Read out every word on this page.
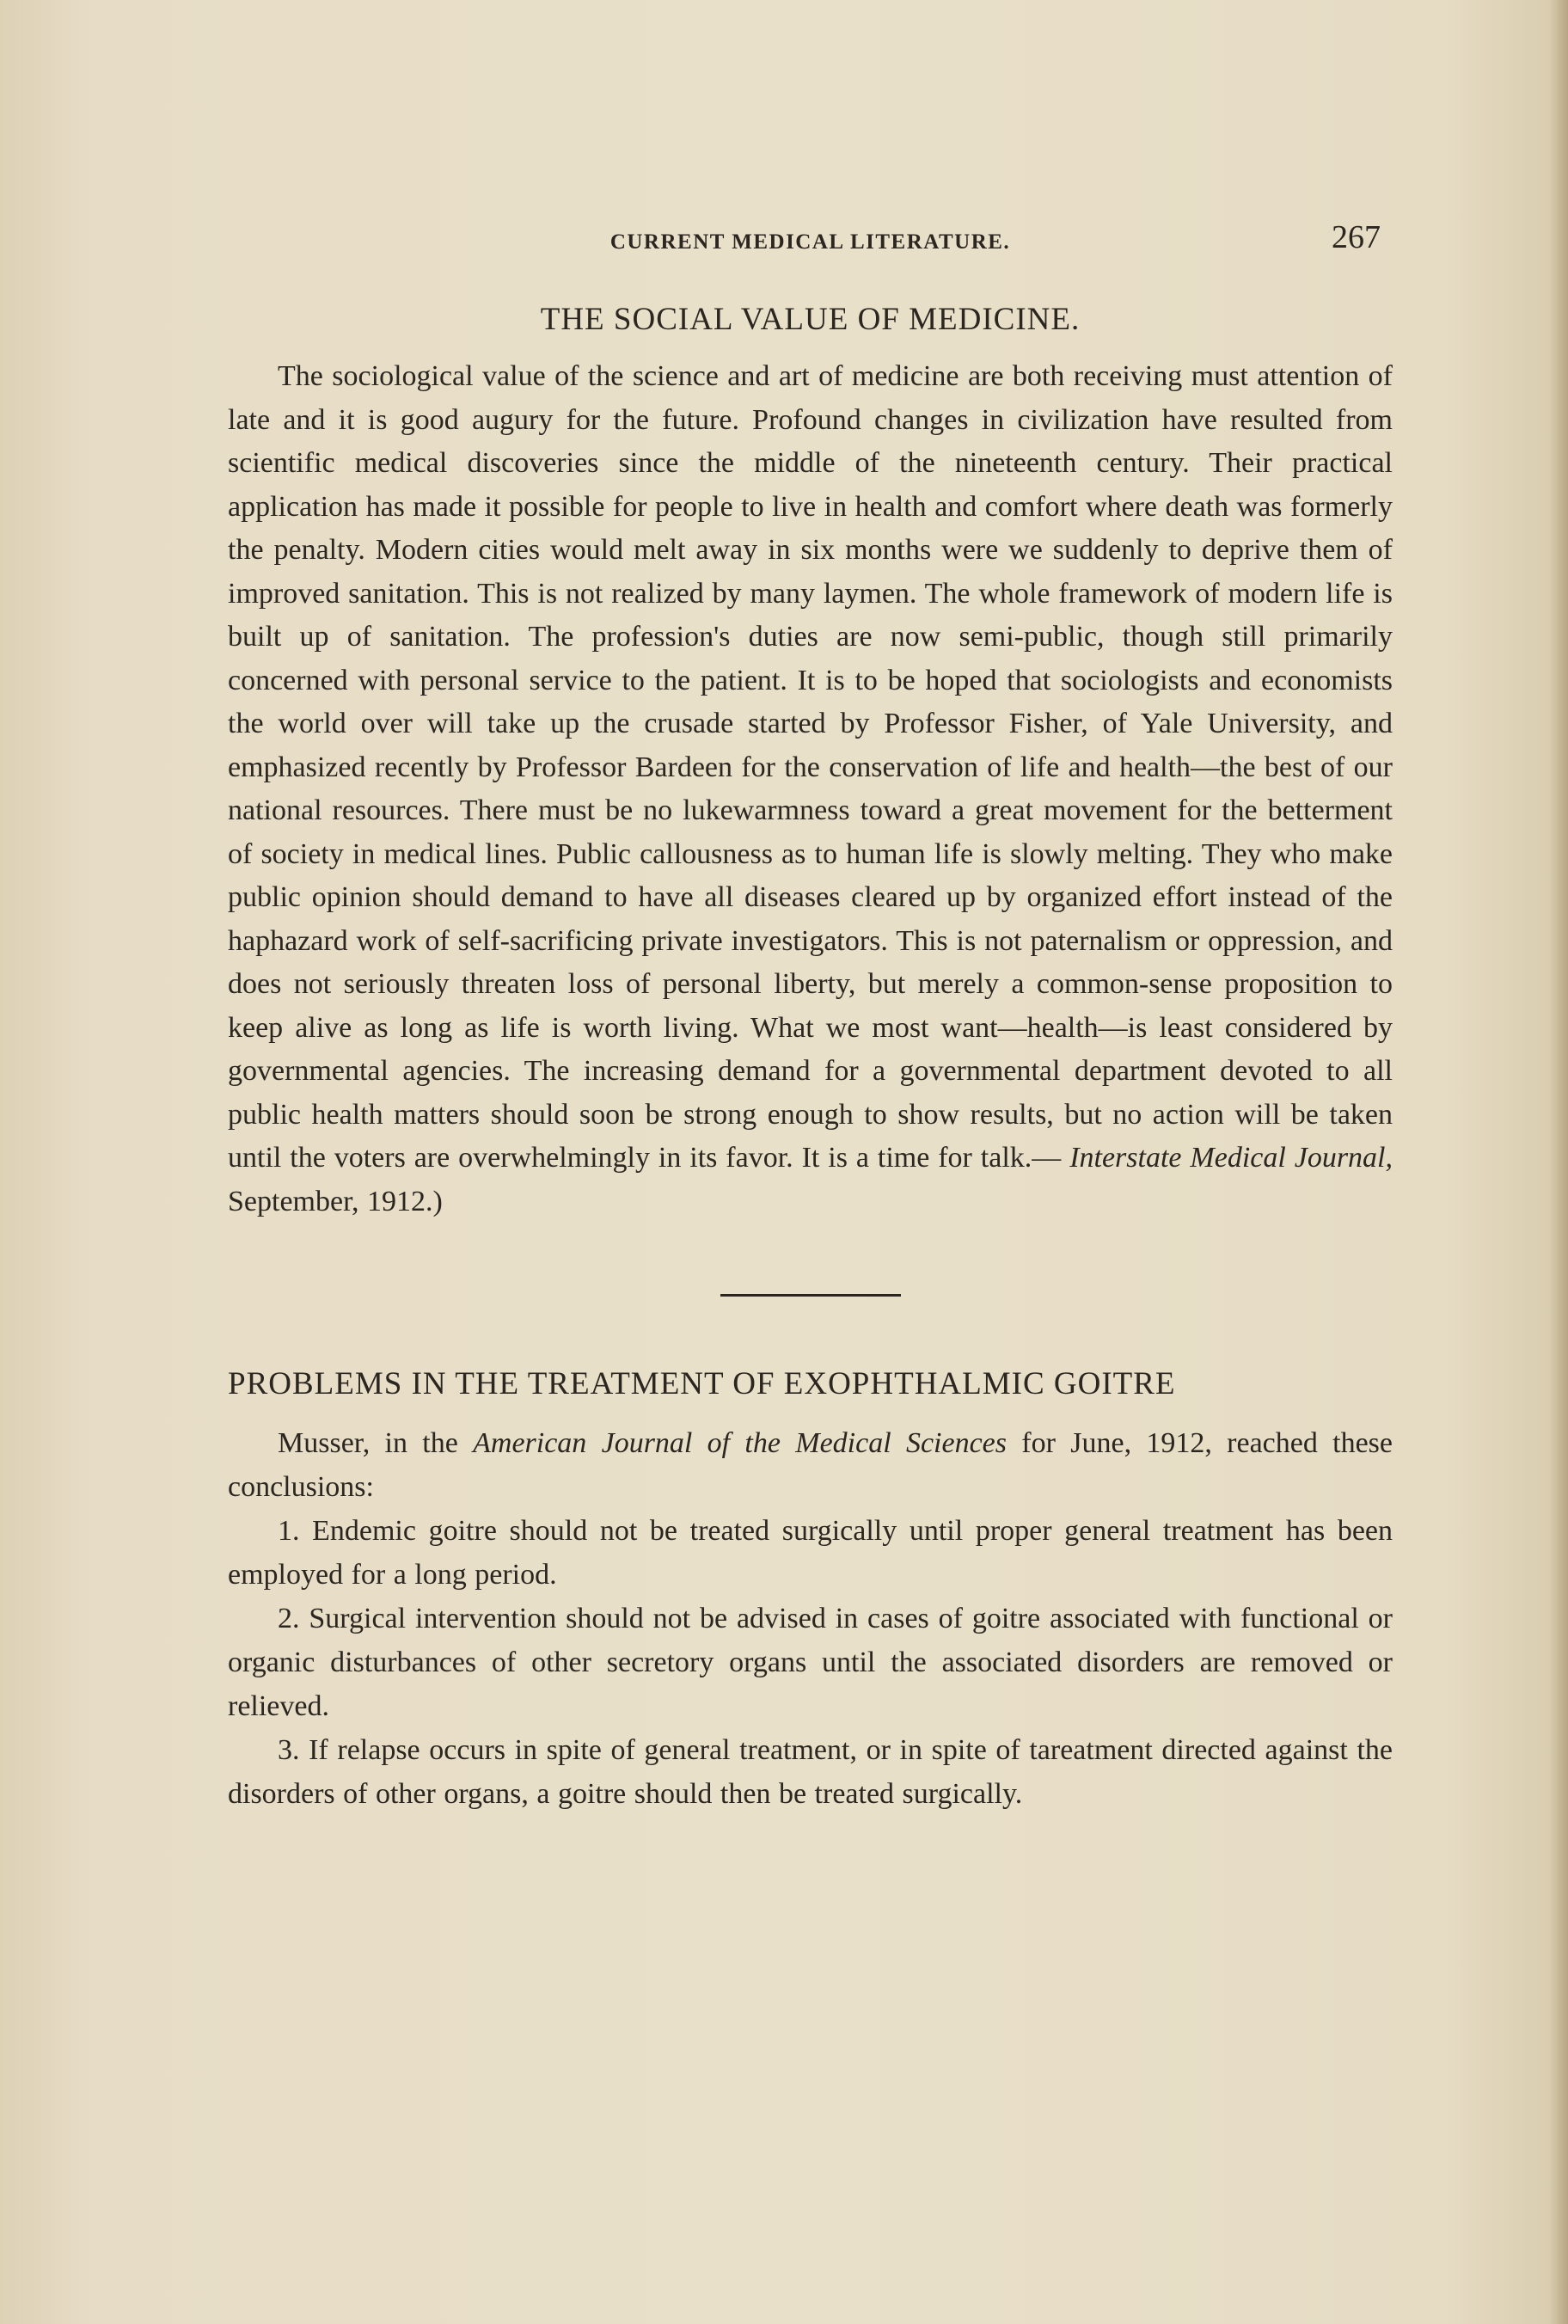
CURRENT MEDICAL LITERATURE.	267
THE SOCIAL VALUE OF MEDICINE.

The sociological value of the science and art of medicine are both receiving must attention of late and it is good augury for the future. Profound changes in civilization have resulted from scientific medical discoveries since the middle of the nineteenth century. Their practical application has made it possible for people to live in health and comfort where death was formerly the penalty. Modern cities would melt away in six months were we suddenly to deprive them of improved sanitation. This is not realized by many laymen. The whole framework of modern life is built up of sanitation. The profession's duties are now semi-public, though still primarily concerned with personal service to the patient. It is to be hoped that sociologists and economists the world over will take up the crusade started by Professor Fisher, of Yale University, and emphasized recently by Professor Bardeen for the conservation of life and health—the best of our national resources. There must be no lukewarmness toward a great movement for the betterment of society in medical lines. Public callousness as to human life is slowly melting. They who make public opinion should demand to have all diseases cleared up by organized effort instead of the haphazard work of self-sacrificing private investigators. This is not paternalism or oppression, and does not seriously threaten loss of personal liberty, but merely a common-sense proposition to keep alive as long as life is worth living. What we most want—health—is least considered by governmental agencies. The increasing demand for a governmental department devoted to all public health matters should soon be strong enough to show results, but no action will be taken until the voters are overwhelmingly in its favor. It is a time for talk.— Interstate Medical Journal, September, 1912.)

PROBLEMS IN THE TREATMENT OF EXOPHTHALMIC GOITRE

Musser, in the American Journal of the Medical Sciences for June, 1912, reached these conclusions:

1. Endemic goitre should not be treated surgically until proper general treatment has been employed for a long period.

2. Surgical intervention should not be advised in cases of goitre associated with functional or organic disturbances of other secretory organs until the associated disorders are removed or relieved.

3. If relapse occurs in spite of general treatment, or in spite of tareatment directed against the disorders of other organs, a goitre should then be treated surgically.
